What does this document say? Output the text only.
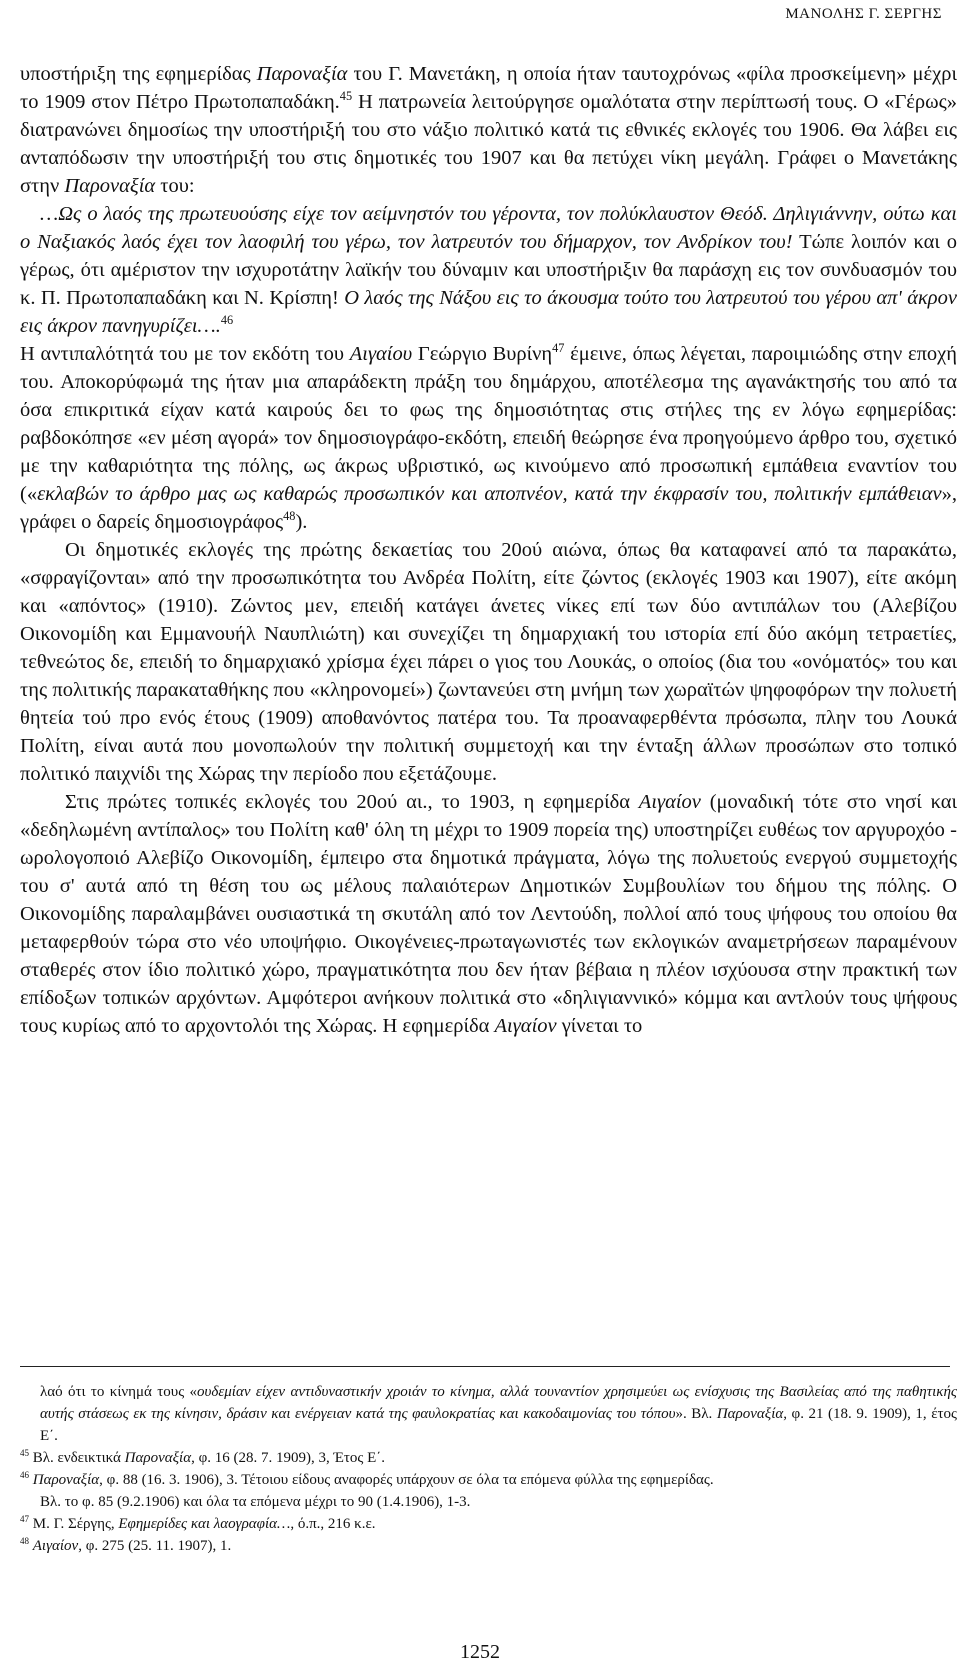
ΜΑΝΟΛΗΣ Γ. ΣΕΡΓΗΣ

υποστήριξη της εφημερίδας Παροναξία του Γ. Μανετάκη, η οποία ήταν ταυτοχρόνως «φίλα προσκείμενη» μέχρι το 1909 στον Πέτρο Πρωτοπαπαδάκη.$^{45}$ Η πατρωνεία λειτούργησε ομαλότατα στην περίπτωσή τους. Ο «Γέρως» διατρανώνει δημοσίως την υποστήριξή του στο νάξιο πολιτικό κατά τις εθνικές εκλογές του 1906. Θα λάβει εις ανταπόδωσιν την υποστήριξή του στις δημοτικές του 1907 και θα πετύχει νίκη μεγάλη. Γράφει ο Μανετάκης στην Παροναξία του:

…Ως ο λαός της πρωτευούσης είχε τον αείμνηστόν του γέροντα, τον πολύκλαυστον Θεόδ. Δηλιγιάννην, ούτω και ο Ναξιακός λαός έχει τον λαοφιλή του γέρω, τον λατρευτόν του δήμαρχον, τον Ανδρίκον του! Τώπε λοιπόν και ο γέρως, ότι αμέριστον την ισχυροτάτην λαϊκήν του δύναμιν και υποστήριξιν θα παράσχη εις τον συνδυασμόν του κ. Π. Πρωτοπαπαδάκη και Ν. Κρίσπη! Ο λαός της Νάξου εις το άκουσμα τούτο του λατρευτού του γέρου απ' άκρον εις άκρον πανηγυρίζει….$^{46}$

Η αντιπαλότητά του με τον εκδότη του Αιγαίου Γεώργιο Βυρίνη$^{47}$ έμεινε, όπως λέγεται, παροιμιώδης στην εποχή του. Αποκορύφωμά της ήταν μια απαράδεκτη πράξη του δημάρχου, αποτέλεσμα της αγανάκτησής του από τα όσα επικριτικά είχαν κατά καιρούς δει το φως της δημοσιότητας στις στήλες της εν λόγω εφημερίδας: ραβδοκόπησε «εν μέση αγορά» τον δημοσιογράφο-εκδότη, επειδή θεώρησε ένα προηγούμενο άρθρο του, σχετικό με την καθαριότητα της πόλης, ως άκρως υβριστικό, ως κινούμενο από προσωπική εμπάθεια εναντίον του («εκλαβών το άρθρο μας ως καθαρώς προσωπικόν και αποπνέον, κατά την έκφρασίν του, πολιτικήν εμπάθειαν», γράφει ο δαρείς δημοσιογράφος$^{48}$).

Οι δημοτικές εκλογές της πρώτης δεκαετίας του 20ού αιώνα, όπως θα καταφανεί από τα παρακάτω, «σφραγίζονται» από την προσωπικότητα του Ανδρέα Πολίτη, είτε ζώντος (εκλογές 1903 και 1907), είτε ακόμη και «απόντος» (1910). Ζώντος μεν, επειδή κατάγει άνετες νίκες επί των δύο αντιπάλων του (Αλεβίζου Οικονομίδη και Εμμανουήλ Ναυπλιώτη) και συνεχίζει τη δημαρχιακή του ιστορία επί δύο ακόμη τετραετίες, τεθνεώτος δε, επειδή το δημαρχιακό χρίσμα έχει πάρει ο γιος του Λουκάς, ο οποίος (δια του «ονόματός» του και της πολιτικής παρακαταθήκης που «κληρονομεί») ζωντανεύει στη μνήμη των χωραϊτών ψηφοφόρων την πολυετή θητεία τού προ ενός έτους (1909) αποθανόντος πατέρα του. Τα προαναφερθέντα πρόσωπα, πλην του Λουκά Πολίτη, είναι αυτά που μονοπωλούν την πολιτική συμμετοχή και την ένταξη άλλων προσώπων στο τοπικό πολιτικό παιχνίδι της Χώρας την περίοδο που εξετάζουμε.

Στις πρώτες τοπικές εκλογές του 20ού αι., το 1903, η εφημερίδα Αιγαίον (μοναδική τότε στο νησί και «δεδηλωμένη αντίπαλος» του Πολίτη καθ' όλη τη μέχρι το 1909 πορεία της) υποστηρίζει ευθέως τον αργυροχόο - ωρολογοποιό Αλεβίζο Οικονομίδη, έμπειρο στα δημοτικά πράγματα, λόγω της πολυετούς ενεργού συμμετοχής του σ' αυτά από τη θέση του ως μέλους παλαιότερων Δημοτικών Συμβουλίων του δήμου της πόλης. Ο Οικονομίδης παραλαμβάνει ουσιαστικά τη σκυτάλη από τον Λεντούδη, πολλοί από τους ψήφους του οποίου θα μεταφερθούν τώρα στο νέο υποψήφιο. Οικογένειες-πρωταγωνιστές των εκλογικών αναμετρήσεων παραμένουν σταθερές στον ίδιο πολιτικό χώρο, πραγματικότητα που δεν ήταν βέβαια η πλέον ισχύουσα στην πρακτική των επίδοξων τοπικών αρχόντων. Αμφότεροι ανήκουν πολιτικά στο «δηλιγιαννικό» κόμμα και αντλούν τους ψήφους τους κυρίως από το αρχοντολόι της Χώρας. Η εφημερίδα Αιγαίον γίνεται το

λαό ότι το κίνημά τους «ουδεμίαν είχεν αντιδυναστικήν χροιάν το κίνημα, αλλά τουναντίον χρησιμεύει ως ενίσχυσις της Βασιλείας από της παθητικής αυτής στάσεως εκ της κίνησιν, δράσιν και ενέργειαν κατά της φαυλοκρατίας και κακοδαιμονίας του τόπου». Βλ. Παροναξία, φ. 21 (18. 9. 1909), 1, έτος Ε΄.

$^{45}$ Βλ. ενδεικτικά Παροναξία, φ. 16 (28. 7. 1909), 3, Έτος Ε΄.

$^{46}$ Παροναξία, φ. 88 (16. 3. 1906), 3. Τέτοιου είδους αναφορές υπάρχουν σε όλα τα επόμενα φύλλα της εφημερίδας.
Βλ. το φ. 85 (9.2.1906) και όλα τα επόμενα μέχρι το 90 (1.4.1906), 1-3.

$^{47}$ Μ. Γ. Σέργης, Εφημερίδες και λαογραφία…, ό.π., 216 κ.ε.

$^{48}$ Αιγαίον, φ. 275 (25. 11. 1907), 1.

1252
